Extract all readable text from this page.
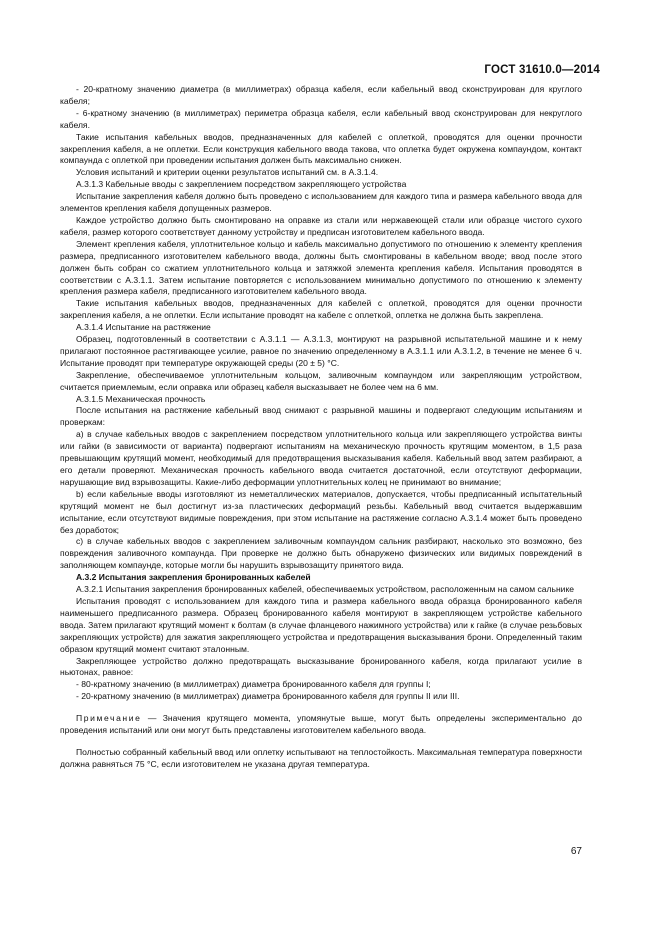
ГОСТ 31610.0—2014

- 20-кратному значению диаметра (в миллиметрах) образца кабеля, если кабельный ввод сконструирован для круглого кабеля;

- 6-кратному значению (в миллиметрах) периметра образца кабеля, если кабельный ввод сконструирован для некруглого кабеля.

Такие испытания кабельных вводов, предназначенных для кабелей с оплеткой, проводятся для оценки прочности закрепления кабеля, а не оплетки. Если конструкция кабельного ввода такова, что оплетка будет окружена компаундом, контакт компаунда с оплеткой при проведении испытания должен быть максимально снижен.

Условия испытаний и критерии оценки результатов испытаний см. в А.3.1.4.

А.3.1.3 Кабельные вводы с закреплением посредством закрепляющего устройства

Испытание закрепления кабеля должно быть проведено с использованием для каждого типа и размера кабельного ввода для элементов крепления кабеля допущенных размеров.

Каждое устройство должно быть смонтировано на оправке из стали или нержавеющей стали или образце чистого сухого кабеля, размер которого соответствует данному устройству и предписан изготовителем кабельного ввода.

Элемент крепления кабеля, уплотнительное кольцо и кабель максимально допустимого по отношению к элементу крепления размера, предписанного изготовителем кабельного ввода, должны быть смонтированы в кабельном вводе; ввод после этого должен быть собран со сжатием уплотнительного кольца и затяжкой элемента крепления кабеля. Испытания проводятся в соответствии с А.3.1.1. Затем испытание повторяется с использованием минимально допустимого по отношению к элементу крепления размера кабеля, предписанного изготовителем кабельного ввода.

Такие испытания кабельных вводов, предназначенных для кабелей с оплеткой, проводятся для оценки прочности закрепления кабеля, а не оплетки. Если испытание проводят на кабеле с оплеткой, оплетка не должна быть закреплена.

А.3.1.4 Испытание на растяжение

Образец, подготовленный в соответствии с А.3.1.1 — А.3.1.3, монтируют на разрывной испытательной машине и к нему прилагают постоянное растягивающее усилие, равное по значению определенному в А.3.1.1 или А.3.1.2, в течение не менее 6 ч. Испытание проводят при температуре окружающей среды (20 ± 5) °С.

Закрепление, обеспечиваемое уплотнительным кольцом, заливочным компаундом или закрепляющим устройством, считается приемлемым, если оправка или образец кабеля высказывает не более чем на 6 мм.

А.3.1.5 Механическая прочность

После испытания на растяжение кабельный ввод снимают с разрывной машины и подвергают следующим испытаниям и проверкам:

a) в случае кабельных вводов с закреплением посредством уплотнительного кольца или закрепляющего устройства винты или гайки (в зависимости от варианта) подвергают испытаниям на механическую прочность крутящим моментом, в 1,5 раза превышающим крутящий момент, необходимый для предотвращения высказывания кабеля. Кабельный ввод затем разбирают, а его детали проверяют. Механическая прочность кабельного ввода считается достаточной, если отсутствуют деформации, нарушающие вид взрывозащиты. Какие-либо деформации уплотнительных колец не принимают во внимание;

b) если кабельные вводы изготовляют из неметаллических материалов, допускается, чтобы предписанный испытательный крутящий момент не был достигнут из-за пластических деформаций резьбы. Кабельный ввод считается выдержавшим испытание, если отсутствуют видимые повреждения, при этом испытание на растяжение согласно А.3.1.4 может быть проведено без доработок;

c) в случае кабельных вводов с закреплением заливочным компаундом сальник разбирают, насколько это возможно, без повреждения заливочного компаунда. При проверке не должно быть обнаружено физических или видимых повреждений в заполняющем компаунде, которые могли бы нарушить взрывозащиту принятого вида.

А.3.2 Испытания закрепления бронированных кабелей

А.3.2.1 Испытания закрепления бронированных кабелей, обеспечиваемых устройством, расположенным на самом сальнике

Испытания проводят с использованием для каждого типа и размера кабельного ввода образца бронированного кабеля наименьшего предписанного размера. Образец бронированного кабеля монтируют в закрепляющем устройстве кабельного ввода. Затем прилагают крутящий момент к болтам (в случае фланцевого нажимного устройства) или к гайке (в случае резьбовых закрепляющих устройств) для зажатия закрепляющего устройства и предотвращения высказывания брони. Определенный таким образом крутящий момент считают эталонным.

Закрепляющее устройство должно предотвращать высказывание бронированного кабеля, когда прилагают усилие в ньютонах, равное:

- 80-кратному значению (в миллиметрах) диаметра бронированного кабеля для группы I;

- 20-кратному значению (в миллиметрах) диаметра бронированного кабеля для группы II или III.

Примечание — Значения крутящего момента, упомянутые выше, могут быть определены экспериментально до проведения испытаний или они могут быть представлены изготовителем кабельного ввода.

Полностью собранный кабельный ввод или оплетку испытывают на теплостойкость. Максимальная температура поверхности должна равняться 75 °С, если изготовителем не указана другая температура.

67
